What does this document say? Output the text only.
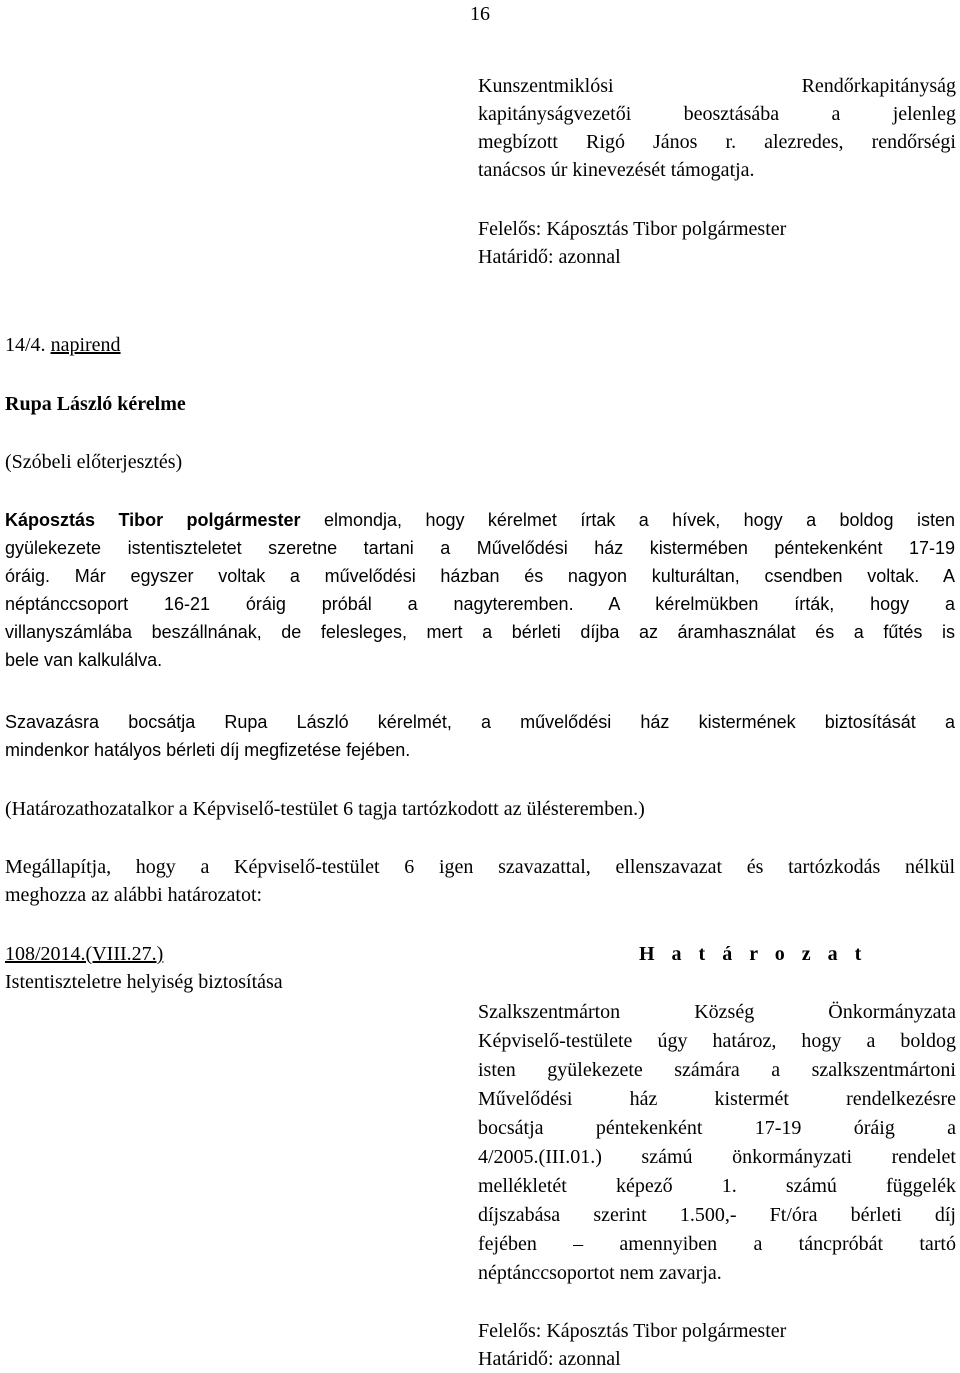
16
Kunszentmiklósi Rendőrkapitányság
kapitányságvezetői beosztásába a jelenleg
megbízott Rigó János r. alezredes, rendőrségi
tanácsos úr kinevezését támogatja.
Felelős: Káposztás Tibor polgármester
Határidő: azonnal
14/4. napirend
Rupa László kérelme
(Szóbeli előterjesztés)
Káposztás Tibor polgármester elmondja, hogy kérelmet írtak a hívek, hogy a boldog isten
gyülekezete istentiszteletet szeretne tartani a Művelődési ház kistermében péntekenként 17-19
óráig. Már egyszer voltak a művelődési házban és nagyon kulturáltan, csendben voltak. A
néptánccsoport 16-21 óráig próbál a nagyteremben. A kérelmükben írták, hogy a
villanyszámlába beszállnának, de felesleges, mert a bérleti díjba az áramhasználat és a fűtés is
bele van kalkulálva.
Szavazásra bocsátja Rupa László kérelmét, a művelődési ház kistermének biztosítását a
mindenkor hatályos bérleti díj megfizetése fejében.
(Határozathozatalkor a Képviselő-testület 6 tagja tartózkodott az ülésteremben.)
Megállapítja, hogy a Képviselő-testület 6 igen szavazattal, ellenszavazat és tartózkodás nélkül
meghozza az alábbi határozatot:
108/2014.(VIII.27.)
Istentiszteletre helyiség biztosítása
H a t á r o z a t
Szalkszentmárton Község Önkormányzata
Képviselő-testülete úgy határoz, hogy a boldog
isten gyülekezete számára a szalkszentmártoni
Művelődési ház kistermét rendelkezésre
bocsátja péntekenként 17-19 óráig a
4/2005.(III.01.) számú önkormányzati rendelet
mellékletét képező 1. számú függelék
díjszabása szerint 1.500,- Ft/óra bérleti díj
fejében – amennyiben a táncpróbát tartó
néptánccsoportot nem zavarja.
Felelős: Káposztás Tibor polgármester
Határidő: azonnal
